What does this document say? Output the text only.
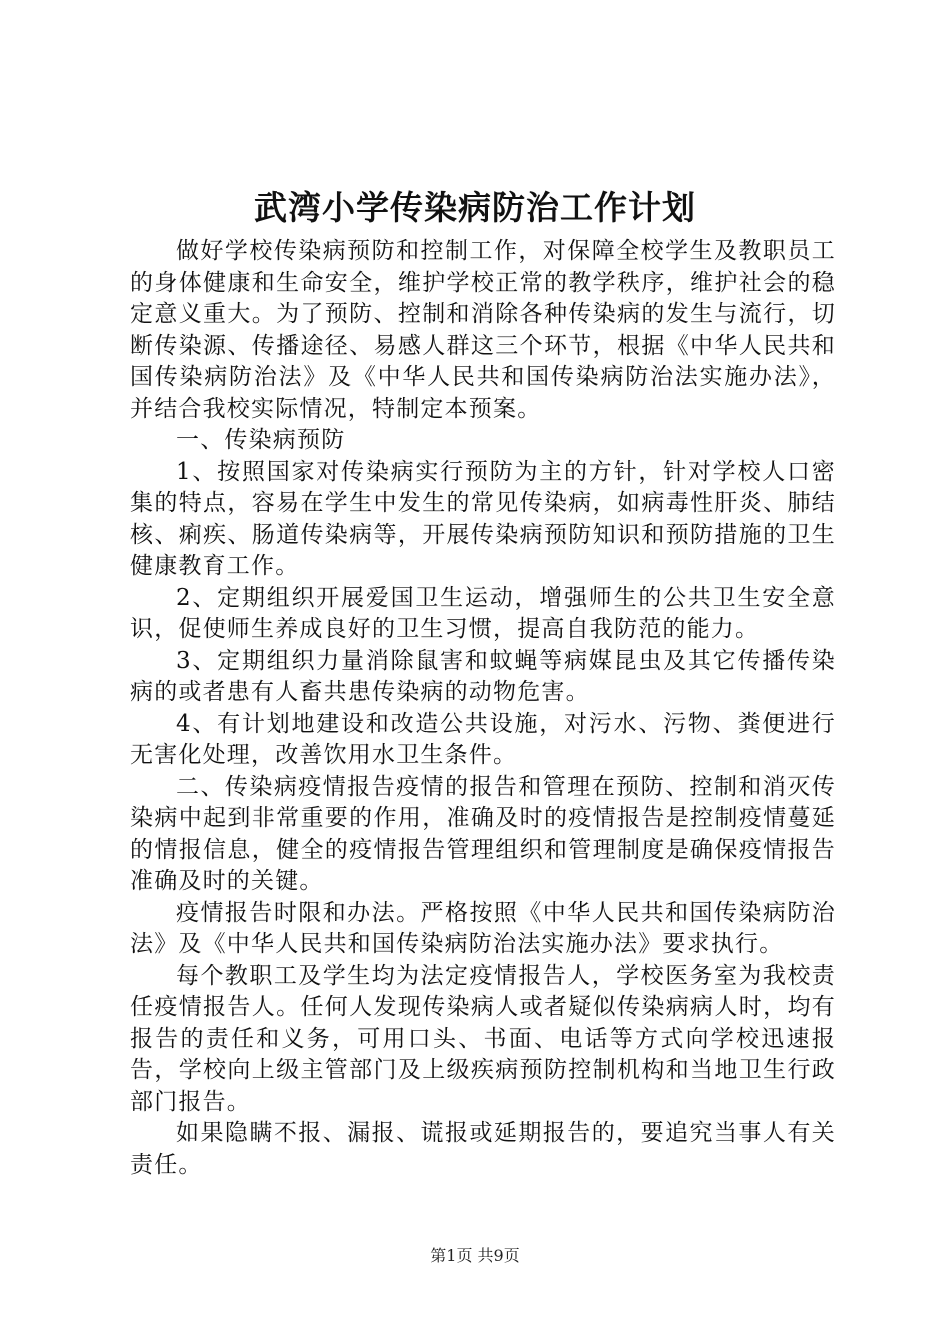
武湾小学传染病防治工作计划

做好学校传染病预防和控制工作，对保障全校学生及教职员工的身体健康和生命安全，维护学校正常的教学秩序，维护社会的稳定意义重大。为了预防、控制和消除各种传染病的发生与流行，切断传染源、传播途径、易感人群这三个环节，根据《中华人民共和国传染病防治法》及《中华人民共和国传染病防治法实施办法》，并结合我校实际情况，特制定本预案。

一、传染病预防

1、按照国家对传染病实行预防为主的方针，针对学校人口密集的特点，容易在学生中发生的常见传染病，如病毒性肝炎、肺结核、痢疾、肠道传染病等，开展传染病预防知识和预防措施的卫生健康教育工作。

2、定期组织开展爱国卫生运动，增强师生的公共卫生安全意识，促使师生养成良好的卫生习惯，提高自我防范的能力。

3、定期组织力量消除鼠害和蚊蝇等病媒昆虫及其它传播传染病的或者患有人畜共患传染病的动物危害。

4、有计划地建设和改造公共设施，对污水、污物、粪便进行无害化处理，改善饮用水卫生条件。

二、传染病疫情报告疫情的报告和管理在预防、控制和消灭传染病中起到非常重要的作用，准确及时的疫情报告是控制疫情蔓延的情报信息，健全的疫情报告管理组织和管理制度是确保疫情报告准确及时的关键。

疫情报告时限和办法。严格按照《中华人民共和国传染病防治法》及《中华人民共和国传染病防治法实施办法》要求执行。

每个教职工及学生均为法定疫情报告人，学校医务室为我校责任疫情报告人。任何人发现传染病人或者疑似传染病病人时，均有报告的责任和义务，可用口头、书面、电话等方式向学校迅速报告，学校向上级主管部门及上级疾病预防控制机构和当地卫生行政部门报告。

如果隐瞒不报、漏报、谎报或延期报告的，要追究当事人有关责任。

第1页 共9页
